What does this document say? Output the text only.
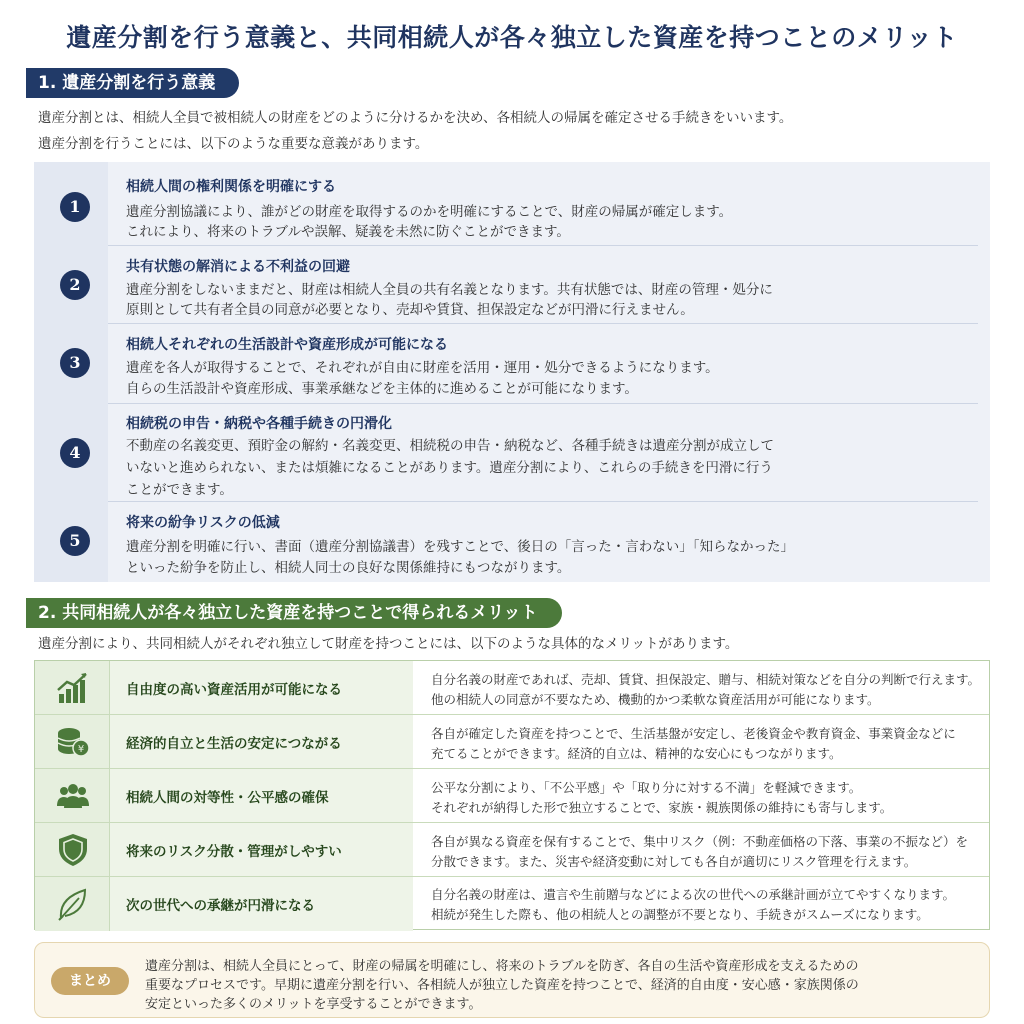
遺産分割を行う意義と、共同相続人が各々独立した資産を持つことのメリット
1. 遺産分割を行う意義
遺産分割とは、相続人全員で被相続人の財産をどのように分けるかを決め、各相続人の帰属を確定させる手続きをいいます。
遺産分割を行うことには、以下のような重要な意義があります。
1
相続人間の権利関係を明確にする
遺産分割協議により、誰がどの財産を取得するのかを明確にすることで、財産の帰属が確定します。
これにより、将来のトラブルや誤解、疑義を未然に防ぐことができます。
2
共有状態の解消による不利益の回避
遺産分割をしないままだと、財産は相続人全員の共有名義となります。共有状態では、財産の管理・処分に
原則として共有者全員の同意が必要となり、売却や賃貸、担保設定などが円滑に行えません。
3
相続人それぞれの生活設計や資産形成が可能になる
遺産を各人が取得することで、それぞれが自由に財産を活用・運用・処分できるようになります。
自らの生活設計や資産形成、事業承継などを主体的に進めることが可能になります。
4
相続税の申告・納税や各種手続きの円滑化
不動産の名義変更、預貯金の解約・名義変更、相続税の申告・納税など、各種手続きは遺産分割が成立して
いないと進められない、または煩雑になることがあります。遺産分割により、これらの手続きを円滑に行う
ことができます。
5
将来の紛争リスクの低減
遺産分割を明確に行い、書面（遺産分割協議書）を残すことで、後日の「言った・言わない」「知らなかった」
といった紛争を防止し、相続人同士の良好な関係維持にもつながります。
2. 共同相続人が各々独立した資産を持つことで得られるメリット
遺産分割により、共同相続人がそれぞれ独立して財産を持つことには、以下のような具体的なメリットがあります。
自由度の高い資産活用が可能になる
自分名義の財産であれば、売却、賃貸、担保設定、贈与、相続対策などを自分の判断で行えます。
他の相続人の同意が不要なため、機動的かつ柔軟な資産活用が可能になります。
¥	経済的自立と生活の安定につながる
各自が確定した資産を持つことで、生活基盤が安定し、老後資金や教育資金、事業資金などに
充てることができます。経済的自立は、精神的な安心にもつながります。
相続人間の対等性・公平感の確保
公平な分割により、「不公平感」や「取り分に対する不満」を軽減できます。
それぞれが納得した形で独立することで、家族・親族関係の維持にも寄与します。
将来のリスク分散・管理がしやすい
各自が異なる資産を保有することで、集中リスク（例：不動産価格の下落、事業の不振など）を
分散できます。また、災害や経済変動に対しても各自が適切にリスク管理を行えます。
次の世代への承継が円滑になる
自分名義の財産は、遺言や生前贈与などによる次の世代への承継計画が立てやすくなります。
相続が発生した際も、他の相続人との調整が不要となり、手続きがスムーズになります。
まとめ
遺産分割は、相続人全員にとって、財産の帰属を明確にし、将来のトラブルを防ぎ、各自の生活や資産形成を支えるための
重要なプロセスです。早期に遺産分割を行い、各相続人が独立した資産を持つことで、経済的自由度・安心感・家族関係の
安定といった多くのメリットを享受することができます。
